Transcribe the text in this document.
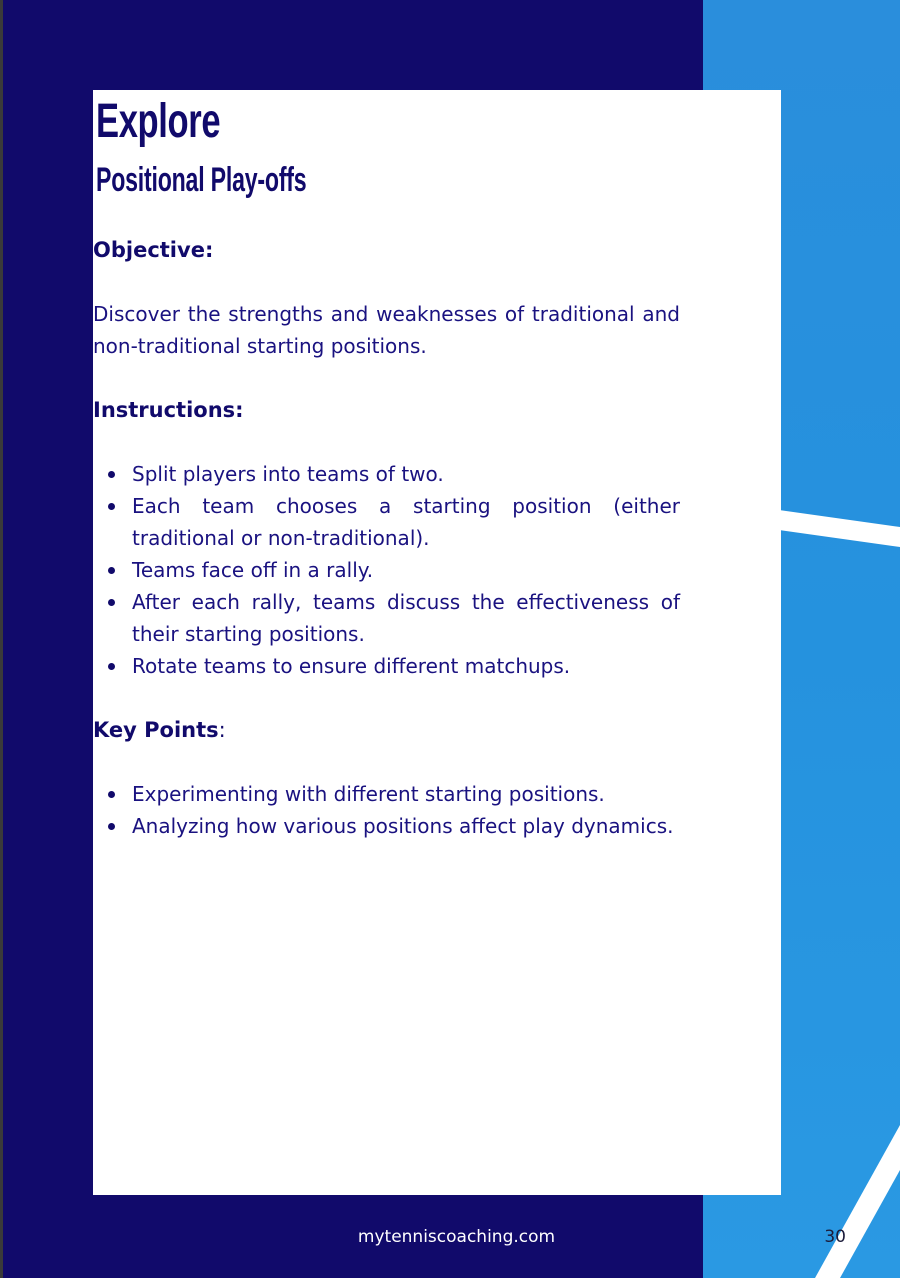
Explore
Positional Play-offs
Objective:

Discover the strengths and weaknesses of traditional and non-traditional starting positions.

Instructions:
Split players into teams of two.
Each team chooses a starting position (either traditional or non-traditional).
Teams face off in a rally.
After each rally, teams discuss the effectiveness of their starting positions.
Rotate teams to ensure different matchups.
Key Points:
Experimenting with different starting positions.
Analyzing how various positions affect play dynamics.
mytenniscoaching.com	30
